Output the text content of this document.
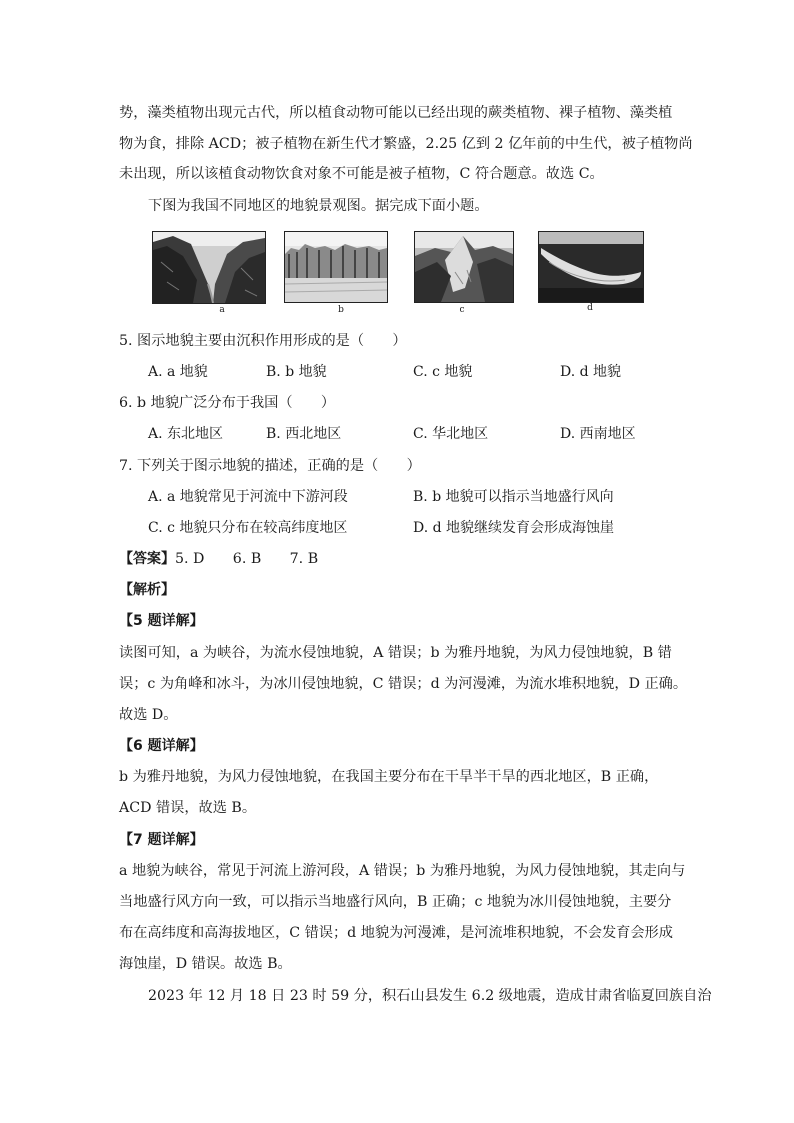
势，藻类植物出现元古代，所以植食动物可能以已经出现的蕨类植物、裸子植物、藻类植
物为食，排除 ACD；被子植物在新生代才繁盛，2.25 亿到 2 亿年前的中生代，被子植物尚
未出现，所以该植食动物饮食对象不可能是被子植物，C 符合题意。故选 C。
下图为我国不同地区的地貌景观图。据完成下面小题。
a	b	c	d
5. 图示地貌主要由沉积作用形成的是（　　）
A. a 地貌	B. b 地貌	C. c 地貌	D. d 地貌
6. b 地貌广泛分布于我国（　　）
A. 东北地区	B. 西北地区	C. 华北地区	D. 西南地区
7. 下列关于图示地貌的描述，正确的是（　　）
A. a 地貌常见于河流中下游河段	B. b 地貌可以指示当地盛行风向
C. c 地貌只分布在较高纬度地区	D. d 地貌继续发育会形成海蚀崖
【答案】5. D　　6. B　　7. B
【解析】
【5 题详解】
读图可知，a 为峡谷，为流水侵蚀地貌，A 错误；b 为雅丹地貌，为风力侵蚀地貌，B 错
误；c 为角峰和冰斗，为冰川侵蚀地貌，C 错误；d 为河漫滩，为流水堆积地貌，D 正确。
故选 D。
【6 题详解】
b 为雅丹地貌，为风力侵蚀地貌，在我国主要分布在干旱半干旱的西北地区，B 正确，
ACD 错误，故选 B。
【7 题详解】
a 地貌为峡谷，常见于河流上游河段，A 错误；b 为雅丹地貌，为风力侵蚀地貌，其走向与
当地盛行风方向一致，可以指示当地盛行风向，B 正确；c 地貌为冰川侵蚀地貌，主要分
布在高纬度和高海拔地区，C 错误；d 地貌为河漫滩，是河流堆积地貌，不会发育会形成
海蚀崖，D 错误。故选 B。
2023 年 12 月 18 日 23 时 59 分，积石山县发生 6.2 级地震，造成甘肃省临夏回族自治
